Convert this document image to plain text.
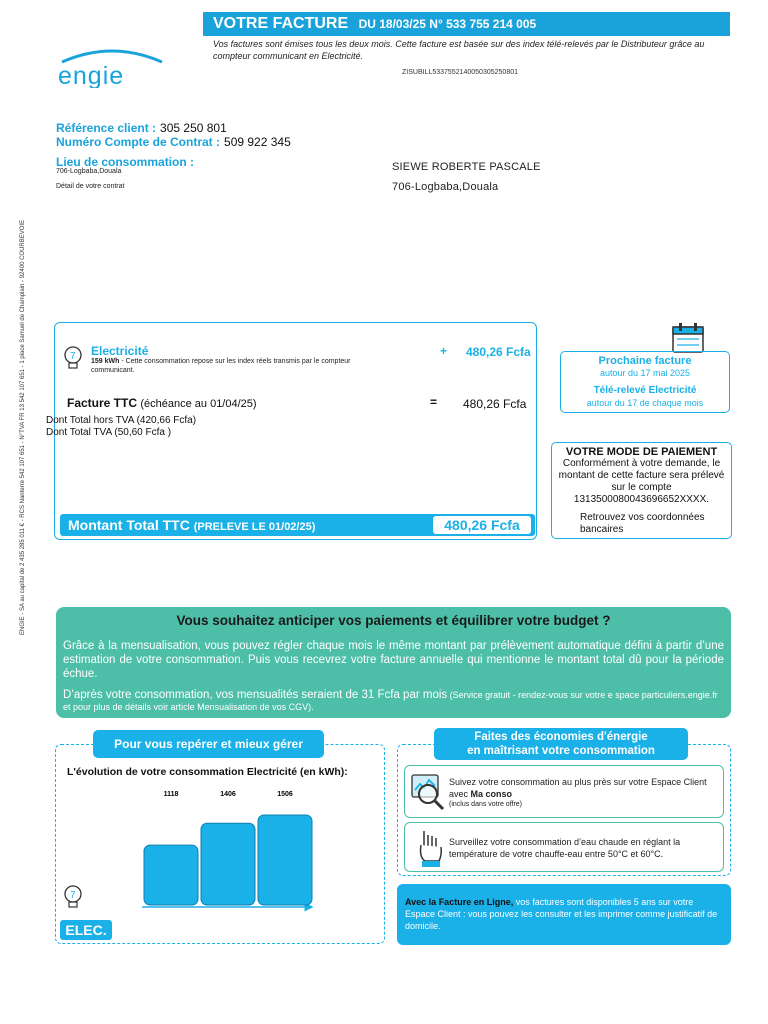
VOTRE FACTURE DU 18/03/25 N° 533 755 214 005
Vos factures sont émises tous les deux mois. Cette facture est basée sur des index télé-relevés par le Distributeur grâce au compteur communicant en Electricité.
ZISUBILL5337552140050305250801
engie
Référence client : 305 250 801
Numéro Compte de Contrat : 509 922 345
Lieu de consommation :
706-Logbaba,Douala
Détail de votre contrat
SIEWE ROBERTE PASCALE
706-Logbaba,Douala
ENGIE - SA au capital de 2 435 285 011 € - RCS Nanterre 542 107 651 - N°TVA FR 13 542 107 651 - 1 place Samuel de Champlain - 92400 COURBEVOIE	7 Electricité
159 kWh - Cette consommation repose sur les index réels transmis par le compteur communicant.
+ 480,26 Fcfa
Facture TTC (échéance au 01/04/25)	= 480,26 Fcfa
Dont Total hors TVA (420,66 Fcfa)
Dont Total TVA (50,60 Fcfa )
Montant Total TTC (PRELEVE LE 01/02/25)	480,26 Fcfa
Prochaine facture
autour du 17 mai 2025
Télé-relevé Electricité
autour du 17 de chaque mois
VOTRE MODE DE PAIEMENT
Conformément à votre demande, le montant de cette facture sera prélevé sur le compte 1313500080043696652XXXX.
Retrouvez vos coordonnées bancaires
Vous souhaitez anticiper vos paiements et équilibrer votre budget ?
Grâce à la mensualisation, vous pouvez régler chaque mois le même montant par prélèvement automatique défini à partir d’une estimation de votre consommation. Puis vous recevrez votre facture annuelle qui mentionne le montant total dû pour la période échue.
D’après votre consommation, vos mensualités seraient de 31 Fcfa par mois (Service gratuit - rendez-vous sur votre e space particuliers.engie.fr et pour plus de détails voir article Mensualisation de vos CGV).
Pour vous repérer et mieux gérer
L'évolution de votre consommation Electricité (en kWh):
1118	1406	1506
7
ELEC.
Faites des économies d'énergie
en maîtrisant votre consommation
Suivez votre consommation au plus près sur votre Espace Client avec Ma conso
(inclus dans votre offre)
Surveillez votre consommation d’eau chaude en réglant la température de votre chauffe-eau entre 50°C et 60°C.
Avec la Facture en Ligne, vos factures sont disponibles 5 ans sur votre Espace Client : vous pouvez les consulter et les imprimer comme justificatif de domicile.
